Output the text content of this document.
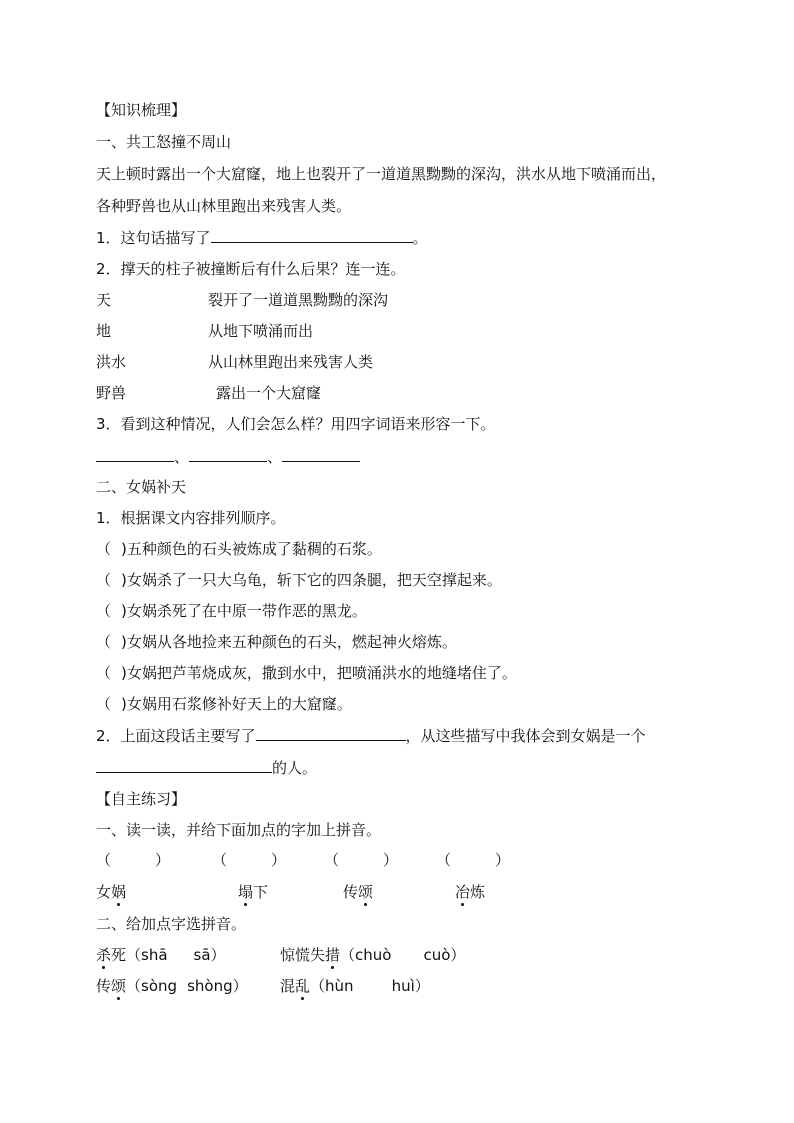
【知识梳理】
一、共工怒撞不周山
天上顿时露出一个大窟窿，地上也裂开了一道道黑黝黝的深沟，洪水从地下喷涌而出，
各种野兽也从山林里跑出来残害人类。
1．这句话描写了	。
2．撑天的柱子被撞断后有什么后果？连一连。
天	裂开了一道道黑黝黝的深沟
地	从地下喷涌而出
洪水	从山林里跑出来残害人类
野兽	露出一个大窟窿
3．看到这种情况，人们会怎么样？用四字词语来形容一下。
、	、
二、女娲补天
1．根据课文内容排列顺序。
（ )五种颜色的石头被炼成了黏稠的石浆。
（ )女娲杀了一只大乌龟，斩下它的四条腿，把天空撑起来。
（ )女娲杀死了在中原一带作恶的黑龙。
（ )女娲从各地捡来五种颜色的石头，燃起神火熔炼。
（ )女娲把芦苇烧成灰，撒到水中，把喷涌洪水的地缝堵住了。
（ )女娲用石浆修补好天上的大窟窿。
2．上面这段话主要写了	，从这些描写中我体会到女娲是一个
的人。
【自主练习】
一、读一读，并给下面加点的字加上拼音。
（	）	（	）	（	）	（	）
女娲	塌下	传颂	冶炼
二、给加点字选拼音。
杀死（shā sā）	惊慌失措（chuò cuò）
传颂（sòng shòng） 混乱（hùn	huì）
